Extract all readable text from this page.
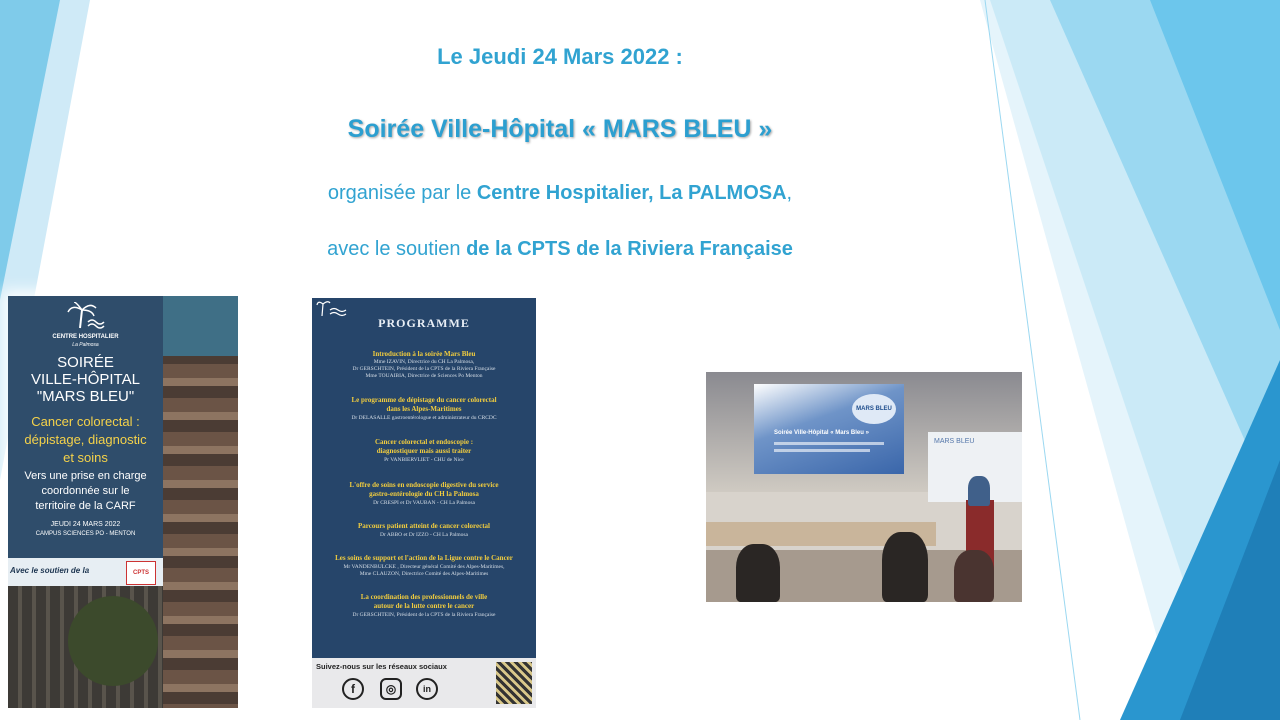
Le Jeudi 24 Mars 2022 :
Soirée Ville-Hôpital « MARS BLEU »
organisée par le Centre Hospitalier, La PALMOSA,
avec le soutien de la CPTS de la Riviera Française
CENTRE HOSPITALIER
La Palmosa
SOIRÉE
VILLE-HÔPITAL
"MARS BLEU"
Cancer colorectal :
dépistage, diagnostic
et soins
Vers une prise en charge
coordonnée sur le
territoire de la CARF
JEUDI 24 MARS 2022
CAMPUS SCIENCES PO - MENTON
Avec le soutien de la	CPTS
PROGRAMME
Introduction à la soirée Mars Bleu
Mme IZAVIN, Directrice du CH La Palmosa,
Dr GERSCHTEIN, Président de la CPTS de la Riviera Française
Mme TOUAIBIA, Directrice de Sciences Po Menton
Le programme de dépistage du cancer colorectal
dans les Alpes-Maritimes
Dr DELASALLE gastroentérologue et administrateur du CRCDC
Cancer colorectal et endoscopie :
diagnostiquer mais aussi traiter
Pr VANBIERVLIET - CHU de Nice
L'offre de soins en endoscopie digestive du service
gastro-entérologie du CH la Palmosa
Dr CRESPI et Dr VAUBAN - CH La Palmosa
Parcours patient atteint de cancer colorectal
Dr ABBO et Dr IZZO - CH La Palmosa
Les soins de support et l'action de la Ligue contre le Cancer
Mr VANDENBULCKE , Directeur général Comité des Alpes-Maritimes,
Mme CLAUZON, Directrice Comité des Alpes-Maritimes
La coordination des professionnels de ville
autour de la lutte contre le cancer
Dr GERSCHTEIN, Président de la CPTS de la Riviera Française
Suivez-nous sur les réseaux sociaux
f	◎	in
MARS BLEU
Soirée Ville-Hôpital « Mars Bleu »
MARS BLEU
